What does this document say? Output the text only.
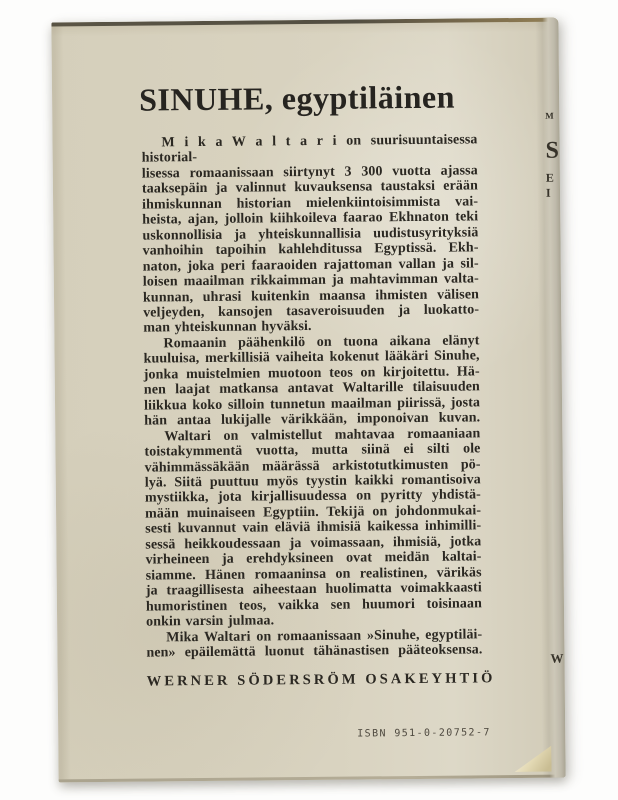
SINUHE, egyptiläinen
M i k a W a l t a r i on suurisuuntaisessa historial-
lisessa romaanissaan siirtynyt 3 300 vuotta ajassa
taaksepäin ja valinnut kuvauksensa taustaksi erään
ihmiskunnan historian mielenkiintoisimmista vai-
heista, ajan, jolloin kiihkoileva faarao Ekhnaton teki
uskonnollisia ja yhteiskunnallisia uudistusyrityksiä
vanhoihin tapoihin kahlehditussa Egyptissä. Ekh-
naton, joka peri faaraoiden rajattoman vallan ja sil-
loisen maailman rikkaimman ja mahtavimman valta-
kunnan, uhrasi kuitenkin maansa ihmisten välisen
veljeyden, kansojen tasaveroisuuden ja luokatto-
man yhteiskunnan hyväksi.
Romaanin päähenkilö on tuona aikana elänyt
kuuluisa, merkillisiä vaiheita kokenut lääkäri Sinuhe,
jonka muistelmien muotoon teos on kirjoitettu. Hä-
nen laajat matkansa antavat Waltarille tilaisuuden
liikkua koko silloin tunnetun maailman piirissä, josta
hän antaa lukijalle värikkään, imponoivan kuvan.
Waltari on valmistellut mahtavaa romaaniaan
toistakymmentä vuotta, mutta siinä ei silti ole
vähimmässäkään määrässä arkistotutkimusten pö-
lyä. Siitä puuttuu myös tyystin kaikki romantisoiva
mystiikka, jota kirjallisuudessa on pyritty yhdistä-
mään muinaiseen Egyptiin. Tekijä on johdonmukai-
sesti kuvannut vain eläviä ihmisiä kaikessa inhimilli-
sessä heikkoudessaan ja voimassaan, ihmisiä, jotka
virheineen ja erehdyksineen ovat meidän kaltai-
siamme. Hänen romaaninsa on realistinen, värikäs
ja traagillisesta aiheestaan huolimatta voimakkaasti
humoristinen teos, vaikka sen huumori toisinaan
onkin varsin julmaa.
Mika Waltari on romaanissaan »Sinuhe, egyptiläi-
nen» epäilemättä luonut tähänastisen pääteoksensa.
WERNER SÖDERSRÖM OSAKEYHTIÖ
ISBN 951-0-20752-7
M
S
E
I
W
